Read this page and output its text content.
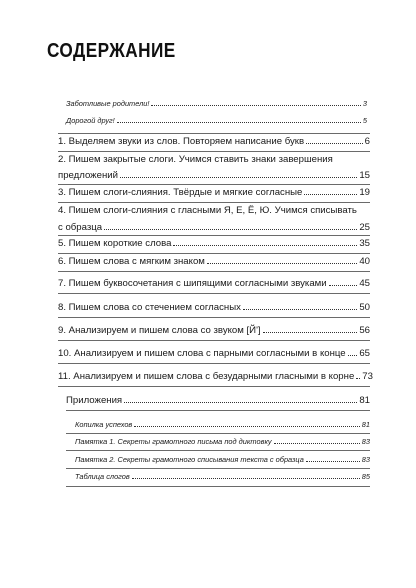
СОДЕРЖАНИЕ
Заботливые родители!	3
Дорогой друг!	5
1. Выделяем звуки из слов. Повторяем написание букв	6
2. Пишем закрытые слоги. Учимся ставить знаки завершения
предложений	15
3. Пишем слоги-слияния. Твёрдые и мягкие согласные	19
4. Пишем слоги-слияния с гласными Я, Е, Ё, Ю. Учимся списывать
с образца	25
5. Пишем короткие слова	35
6. Пишем слова с мягким знаком	40
7. Пишем буквосочетания с шипящими согласными звуками	45
8. Пишем слова со стечением согласных	50
9. Анализируем и пишем слова со звуком [Й']	56
10. Анализируем и пишем слова с парными согласными в конце 65
11. Анализируем и пишем слова с безударными гласными в корне 73
Приложения	81
Копилка успехов	81
Памятка 1. Секреты грамотного письма под диктовку	83
Памятка 2. Секреты грамотного списывания текста с образца	83
Таблица слогов	85
